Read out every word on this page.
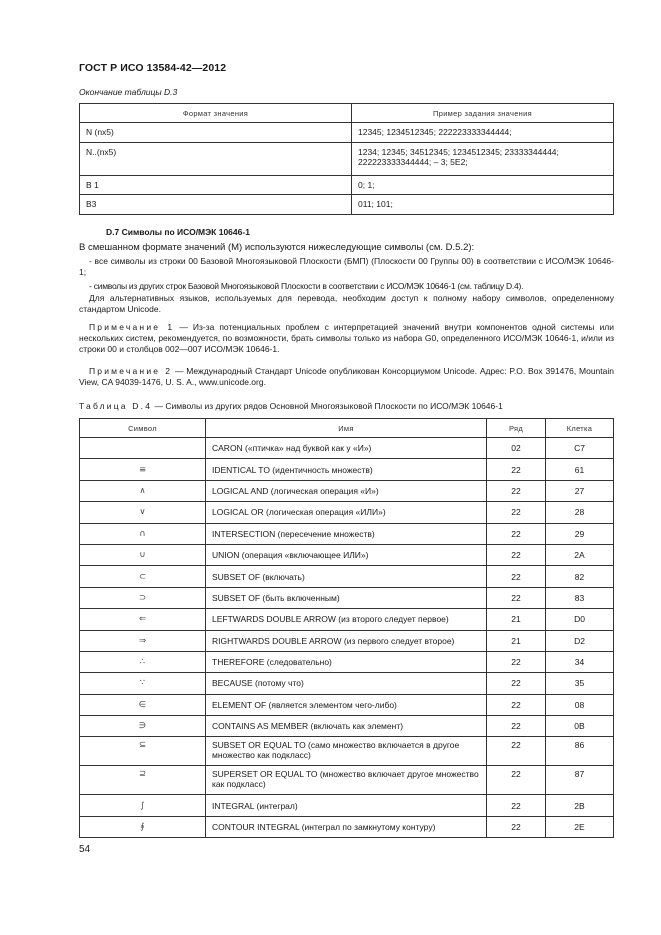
ГОСТ Р ИСО 13584-42—2012
Окончание таблицы D.3
Формат значения	Пример задания значения
N (nx5)	12345; 1234512345; 222223333344444;
N..(nx5)	1234; 12345; 34512345; 1234512345; 23333344444; 222223333344444; – 3; 5E2;
B 1	0; 1;
B3	011; 101;
D.7 Символы по ИСО/МЭК 10646-1
В смешанном формате значений (M) используются нижеследующие символы (см. D.5.2):
- все символы из строки 00 Базовой Многоязыковой Плоскости (БМП) (Плоскости 00 Группы 00) в соответствии с ИСО/МЭК 10646-1;
- символы из других строк Базовой Многоязыковой Плоскости в соответствии с ИСО/МЭК 10646-1 (см. таблицу D.4).
Для альтернативных языков, используемых для перевода, необходим доступ к полному набору символов, определенному стандартом Unicode.
Примечание 1 — Из-за потенциальных проблем с интерпретацией значений внутри компонентов одной системы или нескольких систем, рекомендуется, по возможности, брать символы только из набора G0, определенного ИСО/МЭК 10646-1, и/или из строки 00 и столбцов 002—007 ИСО/МЭК 10646-1.
Примечание 2 — Международный Стандарт Unicode опубликован Консорциумом Unicode. Адрес: P.O. Box 391476, Mountain View, CA 94039-1476, U. S. A., www.unicode.org.
Таблица D.4 — Символы из других рядов Основной Многоязыковой Плоскости по ИСО/МЭК 10646-1
Символ	Имя	Ряд	Клетка
	CARON («птичка» над буквой как у «И»)	02	C7
≡	IDENTICAL TO (идентичность множеств)	22	61
∧	LOGICAL AND (логическая операция «И»)	22	27
∨	LOGICAL OR (логическая операция «ИЛИ»)	22	28
∩	INTERSECTION (пересечение множеств)	22	29
∪	UNION (операция «включающее ИЛИ»)	22	2A
⊂	SUBSET OF (включать)	22	82
⊃	SUBSET OF (быть включенным)	22	83
⇐	LEFTWARDS DOUBLE ARROW (из второго следует первое)	21	D0
⇒	RIGHTWARDS DOUBLE ARROW (из первого следует второе)	21	D2
∴	THEREFORE (следовательно)	22	34
∵	BECAUSE (потому что)	22	35
∈	ELEMENT OF (является элементом чего-либо)	22	08
∋	CONTAINS AS MEMBER (включать как элемент)	22	0B
⊆	SUBSET OR EQUAL TO (само множество включается в другое множество как подкласс)	22	86
⊇	SUPERSET OR EQUAL TO (множество включает другое множество как подкласс)	22	87
∫	INTEGRAL (интеграл)	22	2B
∮	CONTOUR INTEGRAL (интеграл по замкнутому контуру)	22	2E
54
